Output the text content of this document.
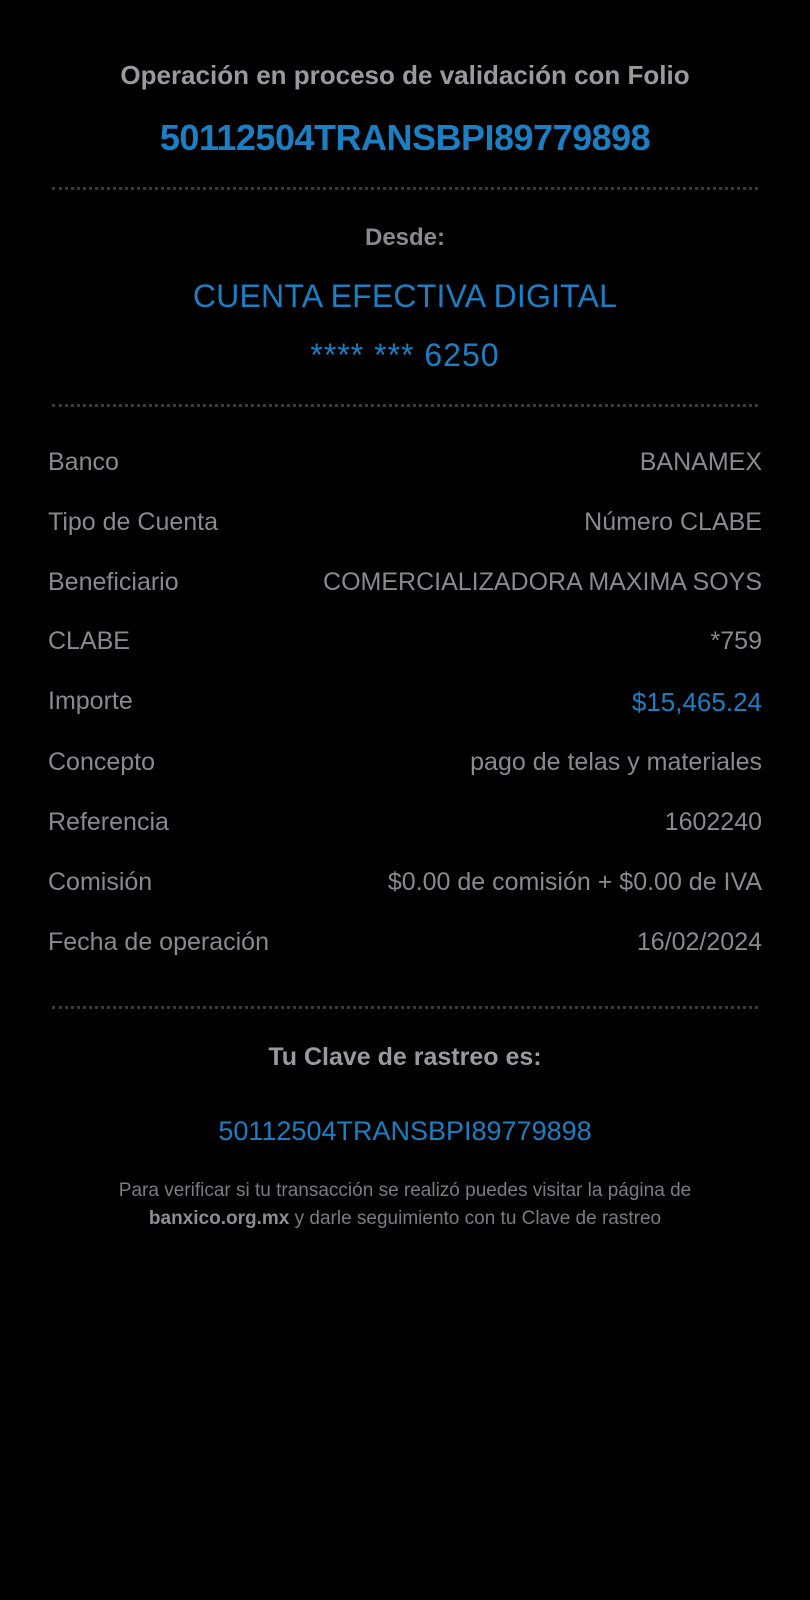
Operación en proceso de validación con Folio
50112504TRANSBPI89779898
Desde:
CUENTA EFECTIVA DIGITAL
**** *** 6250
Banco	BANAMEX
Tipo de Cuenta	Número CLABE
Beneficiario	COMERCIALIZADORA MAXIMA SOYS
CLABE	*759
Importe	$15,465.24
Concepto	pago de telas y materiales
Referencia	1602240
Comisión	$0.00 de comisión + $0.00 de IVA
Fecha de operación	16/02/2024
Tu Clave de rastreo es:
50112504TRANSBPI89779898
Para verificar si tu transacción se realizó puedes visitar la página de banxico.org.mx y darle seguimiento con tu Clave de rastreo
